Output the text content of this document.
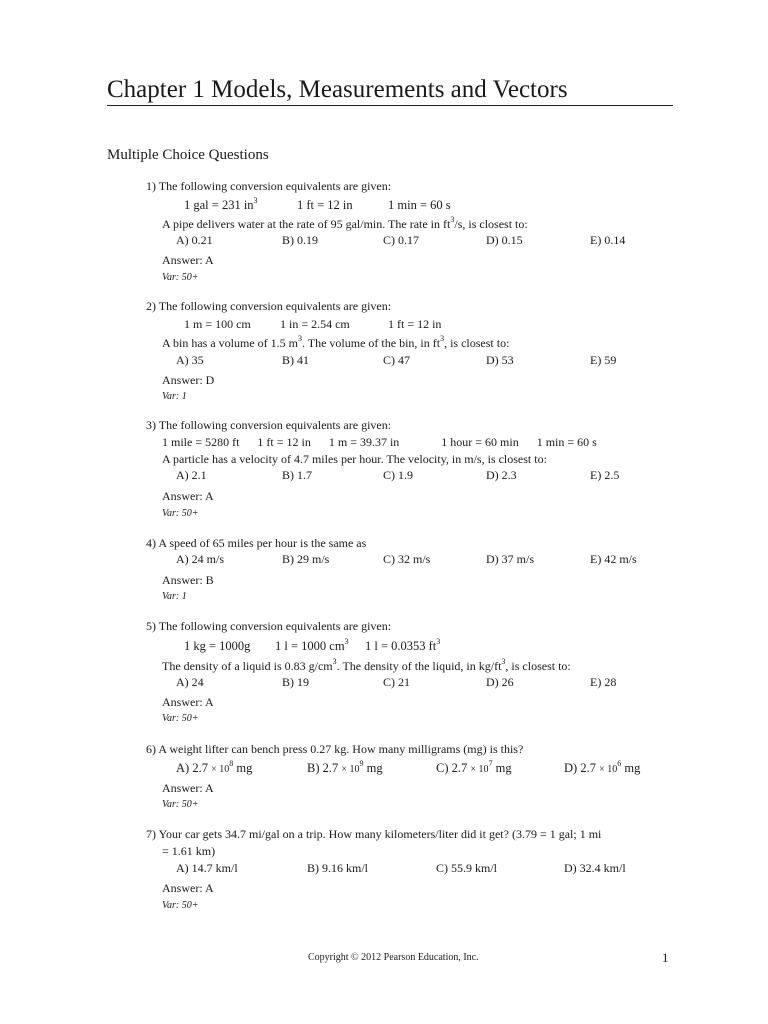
Chapter 1 Models, Measurements and Vectors
Multiple Choice Questions
1) The following conversion equivalents are given:
1 gal = 231 $in^3$	1 ft = 12 in	1 min = 60 s
A pipe delivers water at the rate of 95 gal/min. The rate in $ft^3/s$, is closest to:
A) 0.21	B) 0.19	C) 0.17	D) 0.15	E) 0.14
Answer: A
Var: 50+
2) The following conversion equivalents are given:
1 m = 100 cm 1 in = 2.54 cm	1 ft = 12 in
A bin has a volume of 1.5 $m^3$. The volume of the bin, in $ft^3$, is closest to:
A) 35	B) 41	C) 47	D) 53	E) 59
Answer: D
Var: 1
3) The following conversion equivalents are given:
1 mile = 5280 ft      1 ft = 12 in      1 m = 39.37 in              1 hour = 60 min      1 min = 60 s
A particle has a velocity of 4.7 miles per hour. The velocity, in m/s, is closest to:
A) 2.1	B) 1.7	C) 1.9	D) 2.3	E) 2.5
Answer: A
Var: 50+
4) A speed of 65 miles per hour is the same as
A) 24 m/s	B) 29 m/s	C) 32 m/s	D) 37 m/s	E) 42 m/s
Answer: B
Var: 1
5) The following conversion equivalents are given:
1 kg = 1000g 1 l = 1000 $cm^3$ 1 l = 0.0353 $ft^3$
The density of a liquid is 0.83 $g/cm^3$. The density of the liquid, in $kg/ft^3$, is closest to:
A) 24	B) 19	C) 21	D) 26	E) 28
Answer: A
Var: 50+
6) A weight lifter can bench press 0.27 kg. How many milligrams (mg) is this?
A) $2.7 \times 10^8$ mg	B) $2.7 \times 10^9$ mg	C) $2.7 \times 10^7$ mg	D) $2.7 \times 10^6$ mg
Answer: A
Var: 50+
7) Your car gets 34.7 mi/gal on a trip. How many kilometers/liter did it get? (3.79 = 1 gal; 1 mi
= 1.61 km)
A) 14.7 km/l	B) 9.16 km/l	C) 55.9 km/l	D) 32.4 km/l
Answer: A
Var: 50+
Copyright © 2012 Pearson Education, Inc.	1
